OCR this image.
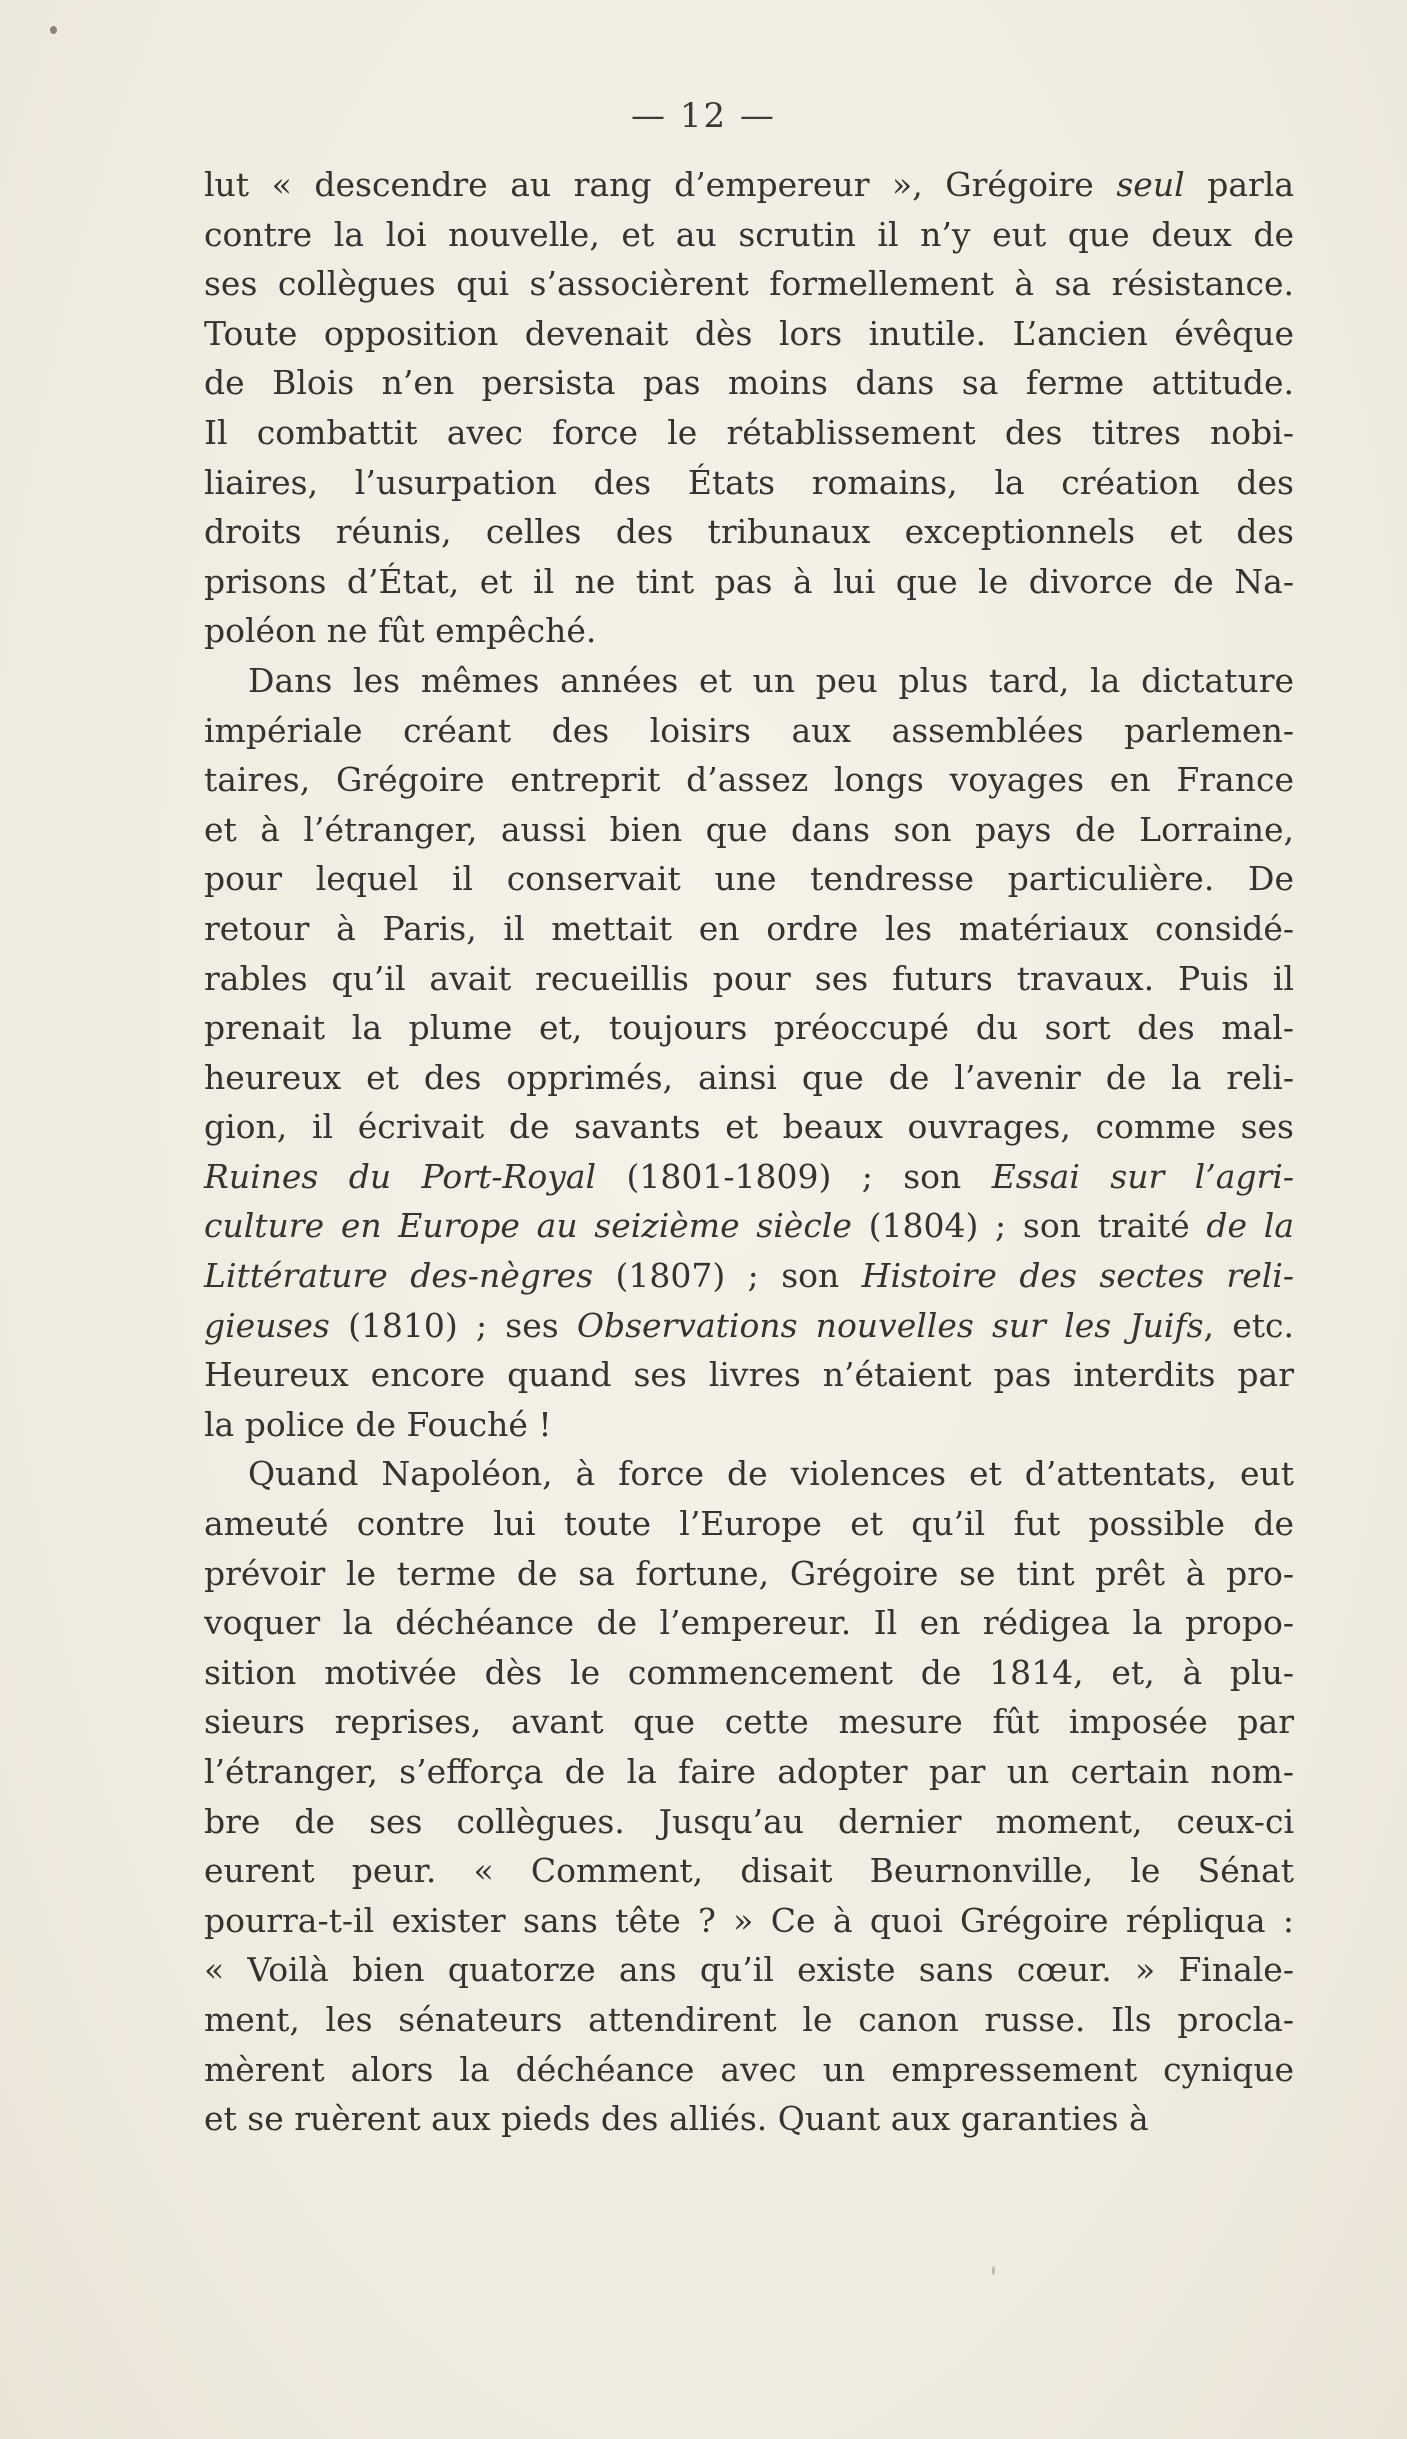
— 12 —
lut « descendre au rang d’empereur », Grégoire seul parla
contre la loi nouvelle, et au scrutin il n’y eut que deux de
ses collègues qui s’associèrent formellement à sa résistance.
Toute opposition devenait dès lors inutile. L’ancien évêque
de Blois n’en persista pas moins dans sa ferme attitude.
Il combattit avec force le rétablissement des titres nobi-
liaires, l’usurpation des États romains, la création des
droits réunis, celles des tribunaux exceptionnels et des
prisons d’État, et il ne tint pas à lui que le divorce de Na-
poléon ne fût empêché.
Dans les mêmes années et un peu plus tard, la dictature
impériale créant des loisirs aux assemblées parlemen-
taires, Grégoire entreprit d’assez longs voyages en France
et à l’étranger, aussi bien que dans son pays de Lorraine,
pour lequel il conservait une tendresse particulière. De
retour à Paris, il mettait en ordre les matériaux considé-
rables qu’il avait recueillis pour ses futurs travaux. Puis il
prenait la plume et, toujours préoccupé du sort des mal-
heureux et des opprimés, ainsi que de l’avenir de la reli-
gion, il écrivait de savants et beaux ouvrages, comme ses
Ruines du Port-Royal (1801-1809) ; son Essai sur l’agri-
culture en Europe au seizième siècle (1804) ; son traité de la
Littérature des-nègres (1807) ; son Histoire des sectes reli-
gieuses (1810) ; ses Observations nouvelles sur les Juifs, etc.
Heureux encore quand ses livres n’étaient pas interdits par
la police de Fouché !
Quand Napoléon, à force de violences et d’attentats, eut
ameuté contre lui toute l’Europe et qu’il fut possible de
prévoir le terme de sa fortune, Grégoire se tint prêt à pro-
voquer la déchéance de l’empereur. Il en rédigea la propo-
sition motivée dès le commencement de 1814, et, à plu-
sieurs reprises, avant que cette mesure fût imposée par
l’étranger, s’efforça de la faire adopter par un certain nom-
bre de ses collègues. Jusqu’au dernier moment, ceux-ci
eurent peur. « Comment, disait Beurnonville, le Sénat
pourra-t-il exister sans tête ? » Ce à quoi Grégoire répliqua :
« Voilà bien quatorze ans qu’il existe sans cœur. » Finale-
ment, les sénateurs attendirent le canon russe. Ils procla-
mèrent alors la déchéance avec un empressement cynique
et se ruèrent aux pieds des alliés. Quant aux garanties à
